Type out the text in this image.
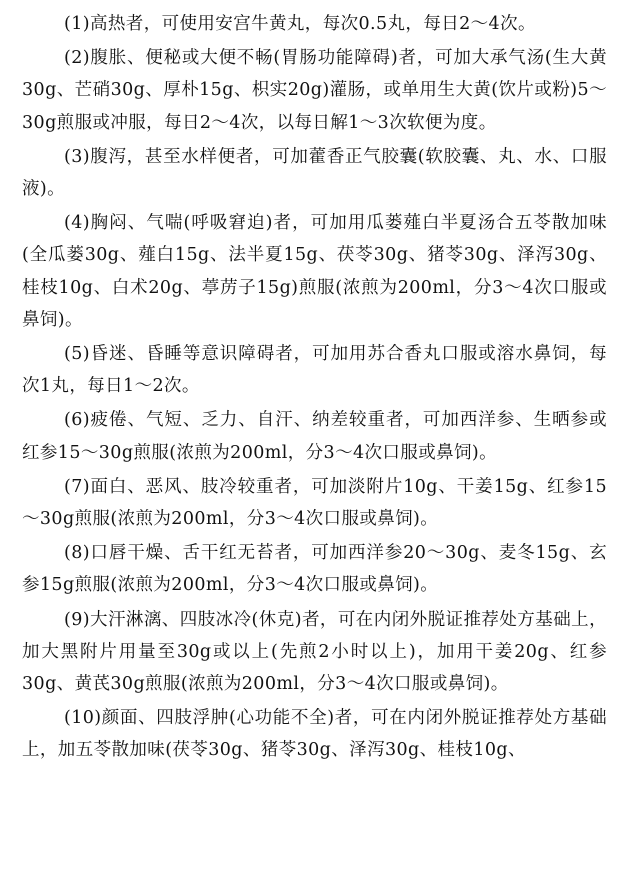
(1)高热者，可使用安宫牛黄丸，每次0.5丸，每日2～4次。

(2)腹胀、便秘或大便不畅(胃肠功能障碍)者，可加大承气汤(生大黄30g、芒硝30g、厚朴15g、枳实20g)灌肠，或单用生大黄(饮片或粉)5～30g煎服或冲服，每日2～4次，以每日解1～3次软便为度。

(3)腹泻，甚至水样便者，可加藿香正气胶囊(软胶囊、丸、水、口服液)。

(4)胸闷、气喘(呼吸窘迫)者，可加用瓜蒌薤白半夏汤合五苓散加味(全瓜蒌30g、薤白15g、法半夏15g、茯苓30g、猪苓30g、泽泻30g、桂枝10g、白术20g、葶苈子15g)煎服(浓煎为200ml，分3～4次口服或鼻饲)。

(5)昏迷、昏睡等意识障碍者，可加用苏合香丸口服或溶水鼻饲，每次1丸，每日1～2次。

(6)疲倦、气短、乏力、自汗、纳差较重者，可加西洋参、生晒参或红参15～30g煎服(浓煎为200ml，分3～4次口服或鼻饲)。

(7)面白、恶风、肢冷较重者，可加淡附片10g、干姜15g、红参15～30g煎服(浓煎为200ml，分3～4次口服或鼻饲)。

(8)口唇干燥、舌干红无苔者，可加西洋参20～30g、麦冬15g、玄参15g煎服(浓煎为200ml，分3～4次口服或鼻饲)。

(9)大汗淋漓、四肢冰冷(休克)者，可在内闭外脱证推荐处方基础上，加大黑附片用量至30g或以上(先煎2小时以上)，加用干姜20g、红参30g、黄芪30g煎服(浓煎为200ml，分3～4次口服或鼻饲)。

(10)颜面、四肢浮肿(心功能不全)者，可在内闭外脱证推荐处方基础上，加五苓散加味(茯苓30g、猪苓30g、泽泻30g、桂枝10g、
